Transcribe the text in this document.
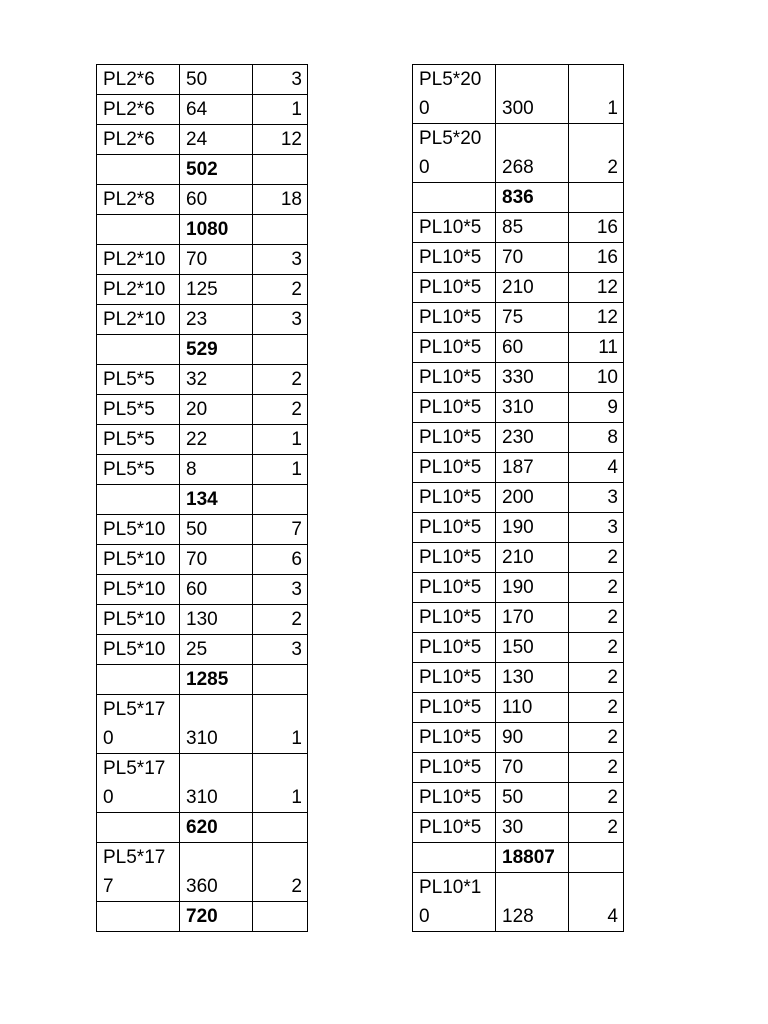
PL2*6	50	3
PL2*6	64	1
PL2*6	24	12
	502	
PL2*8	60	18
	1080	
PL2*10	70	3
PL2*10	125	2
PL2*10	23	3
	529	
PL5*5	32	2
PL5*5	20	2
PL5*5	22	1
PL5*5	8	1
	134	
PL5*10	50	7
PL5*10	70	6
PL5*10	60	3
PL5*10	130	2
PL5*10	25	3
	1285	
PL5*170	310	1
PL5*170	310	1
	620	
PL5*177	360	2
	720	
PL5*200	300	1
PL5*200	268	2
	836	
PL10*5	85	16
PL10*5	70	16
PL10*5	210	12
PL10*5	75	12
PL10*5	60	11
PL10*5	330	10
PL10*5	310	9
PL10*5	230	8
PL10*5	187	4
PL10*5	200	3
PL10*5	190	3
PL10*5	210	2
PL10*5	190	2
PL10*5	170	2
PL10*5	150	2
PL10*5	130	2
PL10*5	110	2
PL10*5	90	2
PL10*5	70	2
PL10*5	50	2
PL10*5	30	2
	18807	
PL10*10	128	4
